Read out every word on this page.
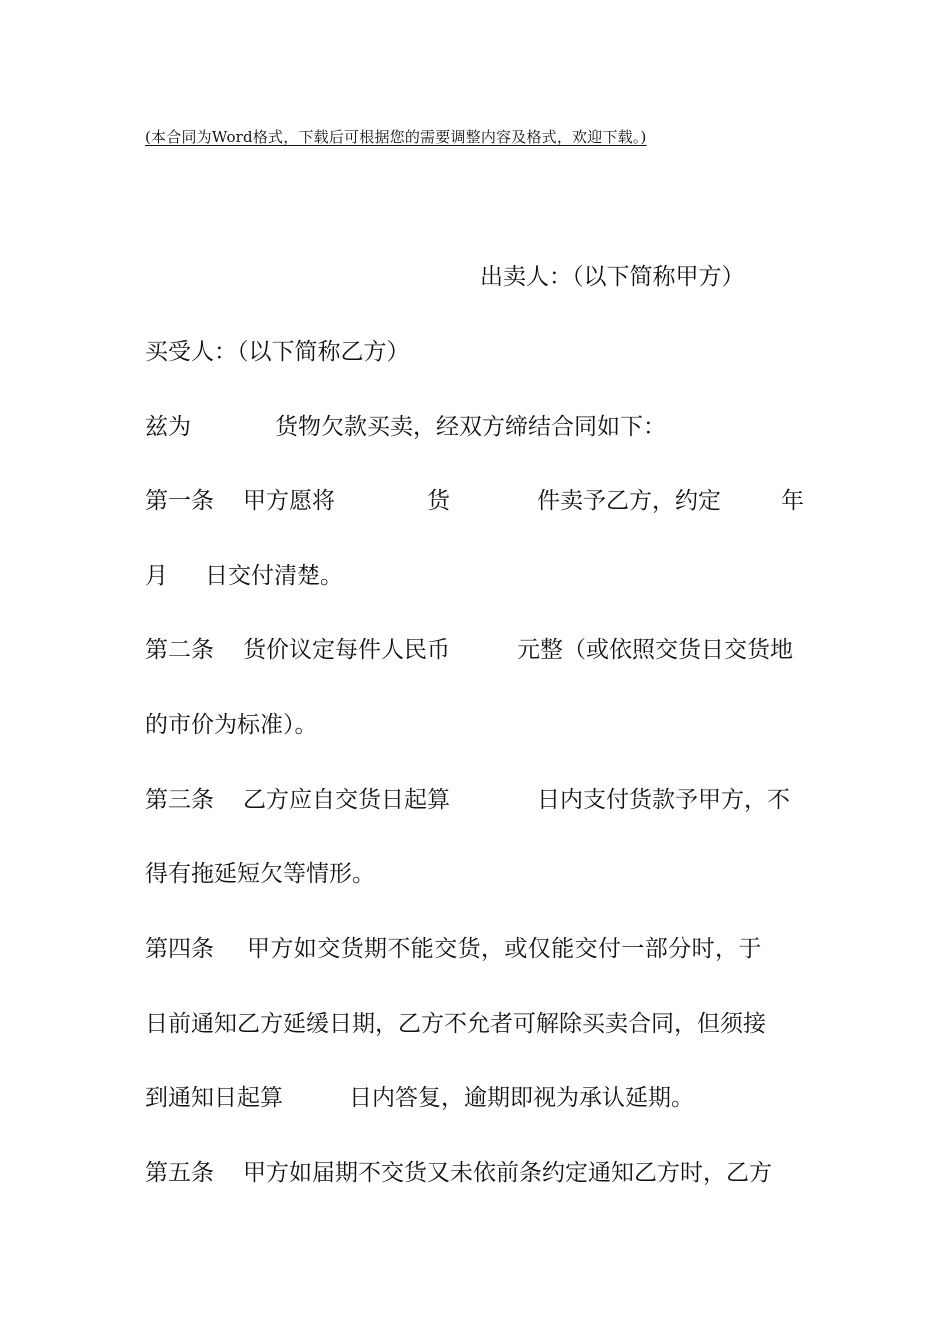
(本合同为Word格式，下载后可根据您的需要调整内容及格式，欢迎下载。)
出卖人：（以下简称甲方）
买受人：（以下简称乙方）
兹为	货物欠款买卖，经双方缔结合同如下：
第一条 甲方愿将	货	件卖予乙方，约定	年
月 日交付清楚。
第二条 货价议定每件人民币	元整（或依照交货日交货地
的市价为标准）。
第三条 乙方应自交货日起算	日内支付货款予甲方，不
得有拖延短欠等情形。
第四条 甲方如交货期不能交货，或仅能交付一部分时，于
日前通知乙方延缓日期，乙方不允者可解除买卖合同，但须接
到通知日起算	日内答复，逾期即视为承认延期。
第五条 甲方如届期不交货又未依前条约定通知乙方时，乙方
